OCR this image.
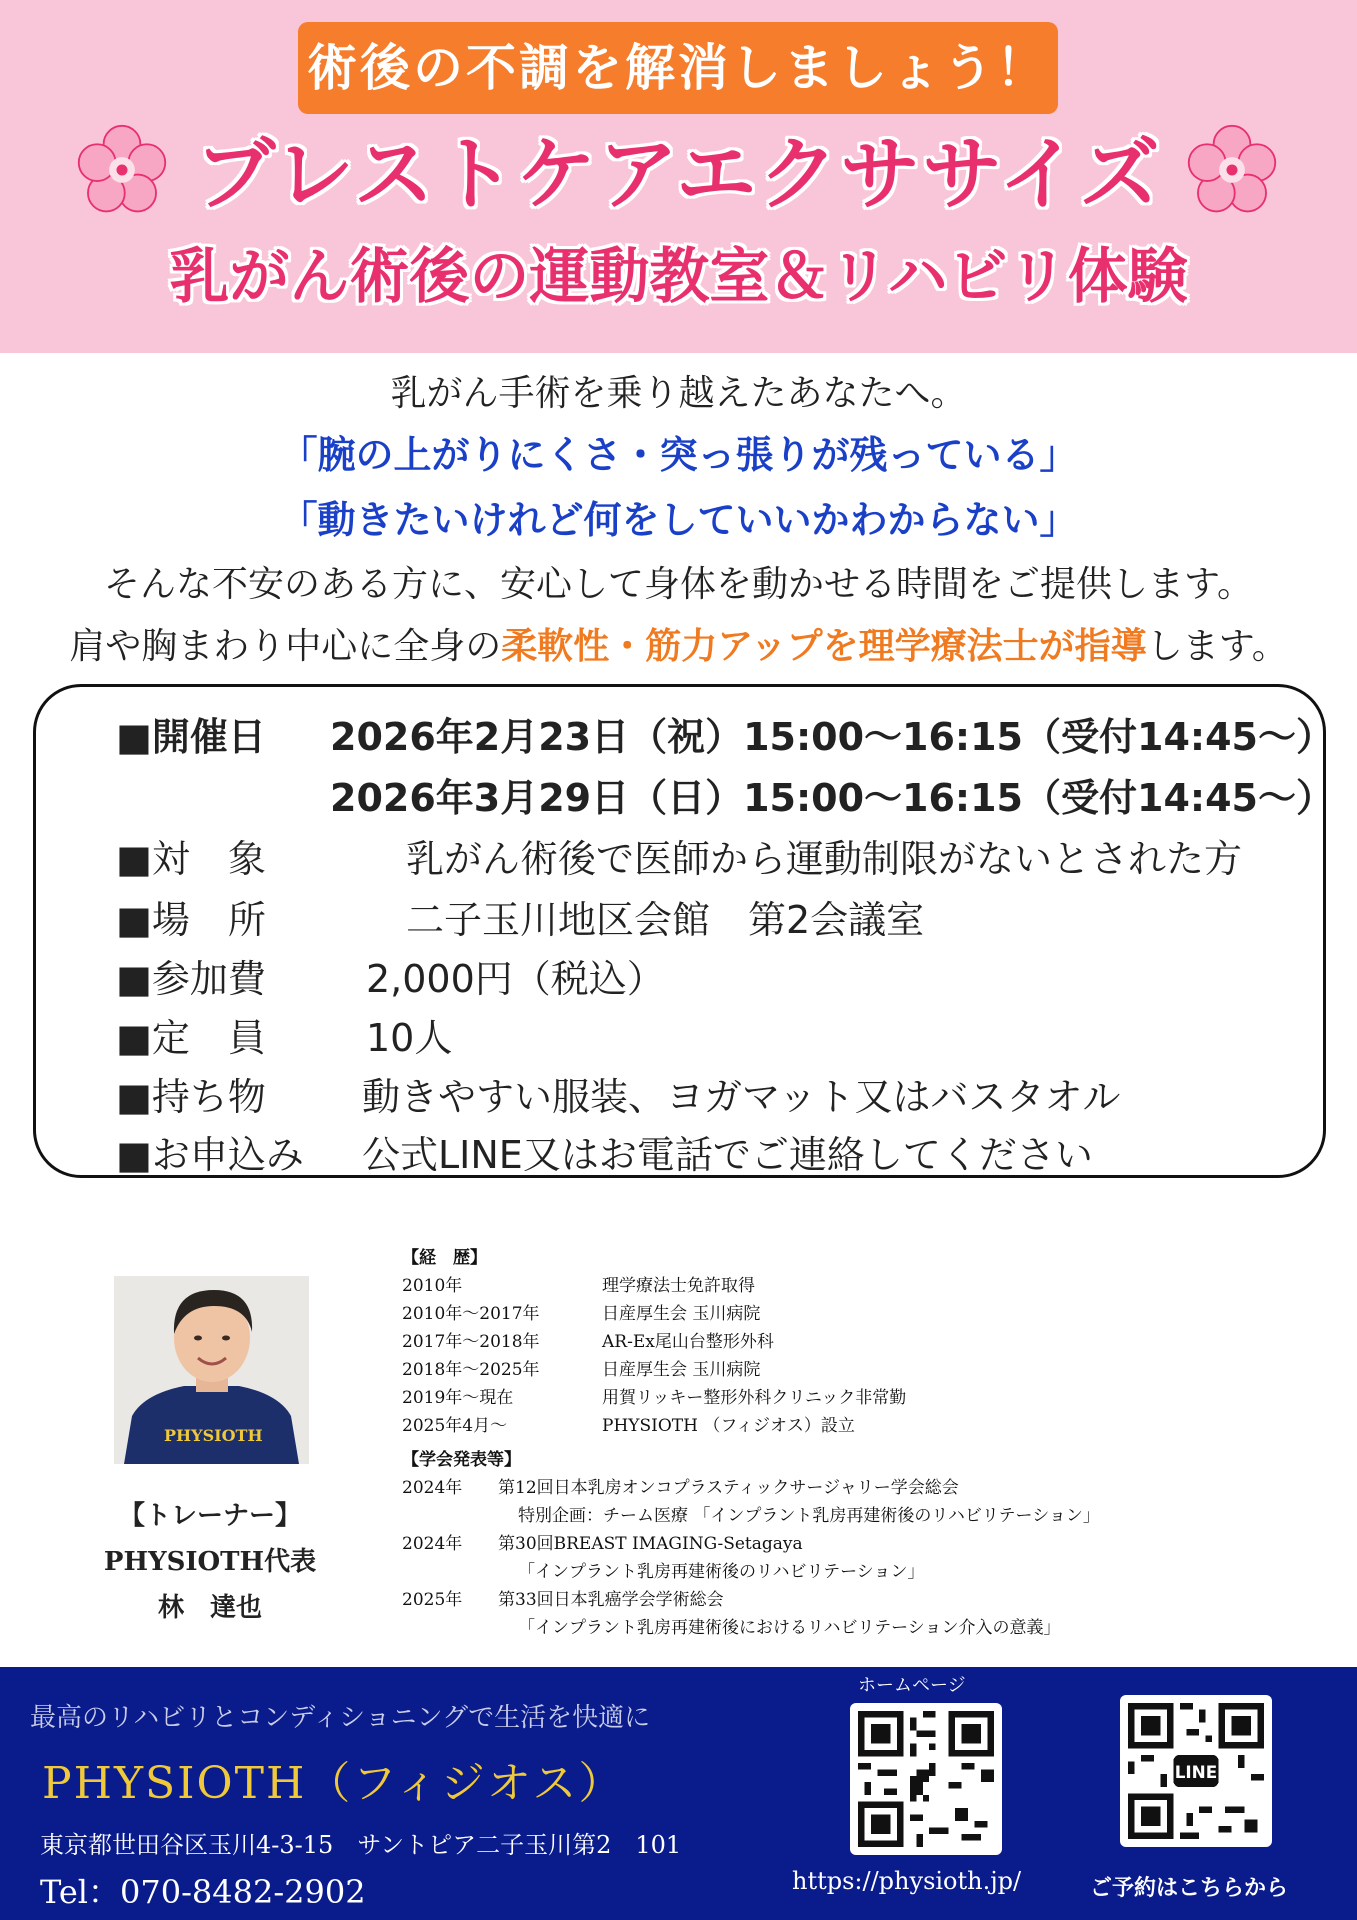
術後の不調を解消しましょう！
ブレストケアエクササイズ
乳がん術後の運動教室＆リハビリ体験
乳がん手術を乗り越えたあなたへ。
「腕の上がりにくさ・突っ張りが残っている」
「動きたいけれど何をしていいかわからない」
そんな不安のある方に、安心して身体を動かせる時間をご提供します。
肩や胸まわり中心に全身の柔軟性・筋力アップを理学療法士が指導します。
■開催日	2026年2月23日（祝）15:00～16:15（受付14:45～）
2026年3月29日（日）15:00～16:15（受付14:45～）
■対　象	乳がん術後で医師から運動制限がないとされた方
■場　所	二子玉川地区会館　第2会議室
■参加費	2,000円（税込）
■定　員	10人
■持ち物	動きやすい服装、ヨガマット又はバスタオル
■お申込み	公式LINE又はお電話でご連絡してください
PHYSIOTH
【トレーナー】
PHYSIOTH代表
林　達也
【経　歴】
2010年	理学療法士免許取得
2010年～2017年	日産厚生会 玉川病院
2017年～2018年	AR-Ex尾山台整形外科
2018年～2025年	日産厚生会 玉川病院
2019年～現在	用賀リッキー整形外科クリニック非常勤
2025年4月～	PHYSIOTH （フィジオス）設立
【学会発表等】
2024年 第12回日本乳房オンコプラスティックサージャリー学会総会
特別企画：チーム医療 「インプラント乳房再建術後のリハビリテーション」
2024年 第30回BREAST IMAGING-Setagaya
「インプラント乳房再建術後のリハビリテーション」
2025年 第33回日本乳癌学会学術総会
「インプラント乳房再建術後におけるリハビリテーション介入の意義」
最高のリハビリとコンディショニングで生活を快適に
PHYSIOTH（フィジオス）
東京都世田谷区玉川4-3-15　サントピア二子玉川第2　101
Tel：070-8482-2902
ホームページ
LINE
https://physioth.jp/	ご予約はこちらから
